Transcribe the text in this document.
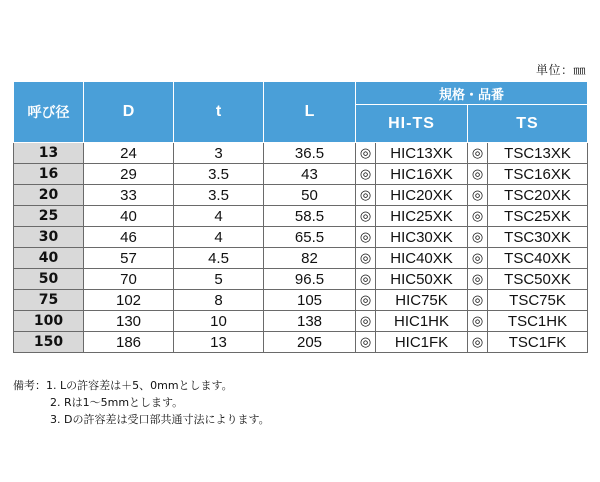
単位：㎜
呼び径	D	t	L	規格・品番			
				HI-TS		TS	
13	24	3	36.5	◎	HIC13XK	◎	TSC13XK
16	29	3.5	43	◎	HIC16XK	◎	TSC16XK
20	33	3.5	50	◎	HIC20XK	◎	TSC20XK
25	40	4	58.5	◎	HIC25XK	◎	TSC25XK
30	46	4	65.5	◎	HIC30XK	◎	TSC30XK
40	57	4.5	82	◎	HIC40XK	◎	TSC40XK
50	70	5	96.5	◎	HIC50XK	◎	TSC50XK
75	102	8	105	◎	HIC75K	◎	TSC75K
100	130	10	138	◎	HIC1HK	◎	TSC1HK
150	186	13	205	◎	HIC1FK	◎	TSC1FK
備考：1. Lの許容差は＋5、0mmとします。
2. Rは1～5mmとします。
3. Dの許容差は受口部共通寸法によります。
